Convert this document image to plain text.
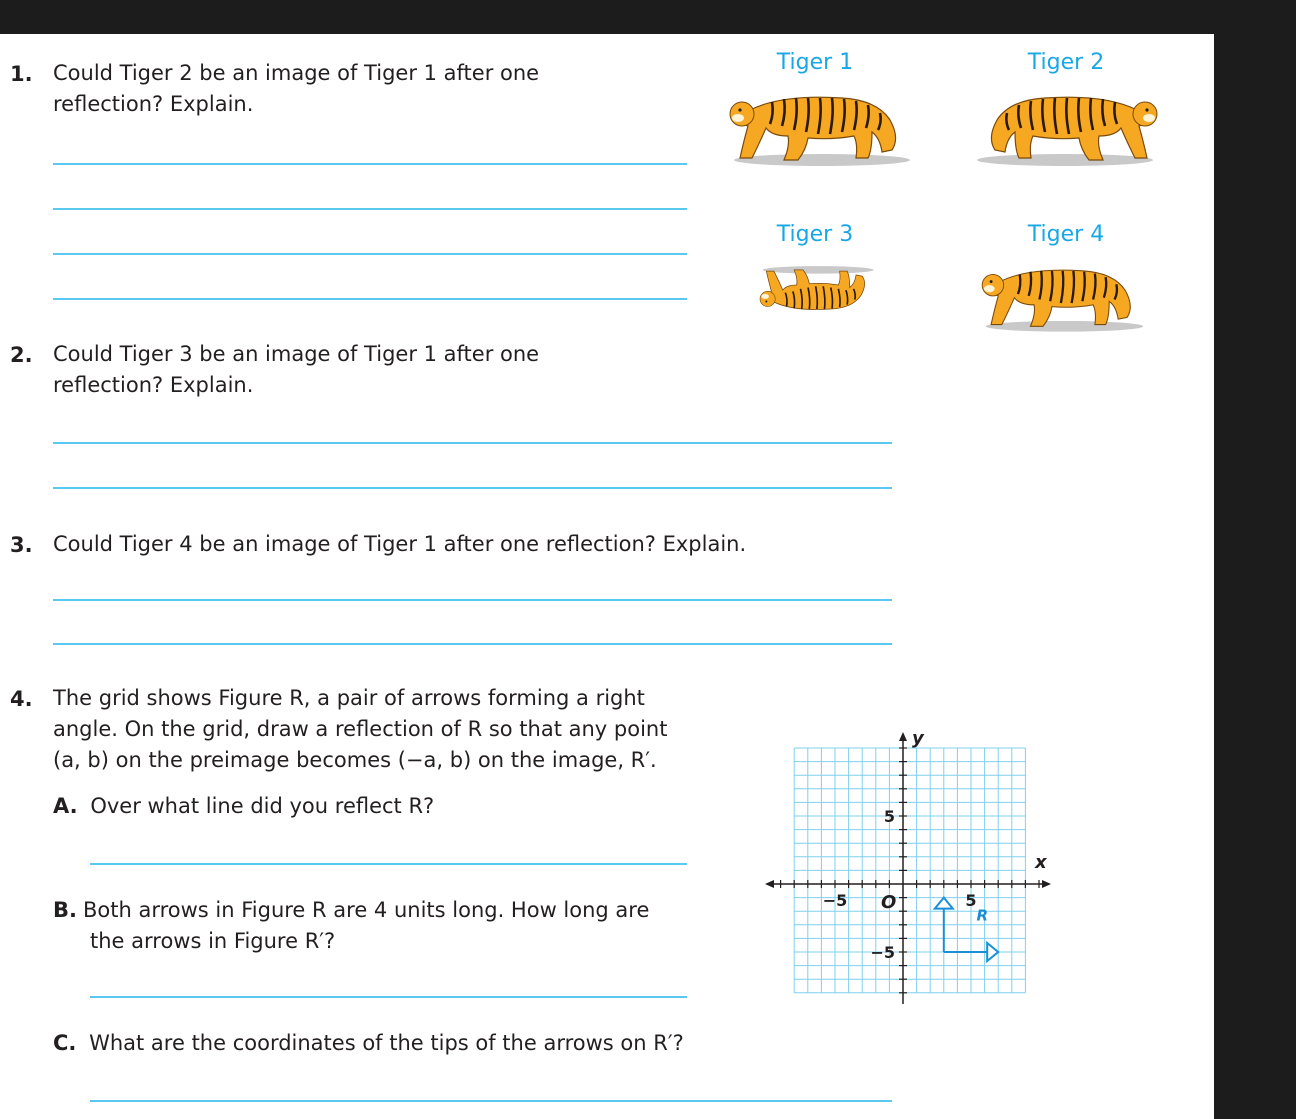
1. Could Tiger 2 be an image of Tiger 1 after one
reflection? Explain.
Tiger 1	Tiger 2
Tiger 3	Tiger 4
2. Could Tiger 3 be an image of Tiger 1 after one
reflection? Explain.
3. Could Tiger 4 be an image of Tiger 1 after one reflection? Explain.
4. The grid shows Figure R, a pair of arrows forming a right
angle. On the grid, draw a reflection of R so that any point
(a, b) on the preimage becomes (−a, b) on the image, R′.
A. Over what line did you reflect R?
B. Both arrows in Figure R are 4 units long. How long are
the arrows in Figure R′?
C. What are the coordinates of the tips of the arrows on R′?
x
y
O
−5	5
5
−5
R
